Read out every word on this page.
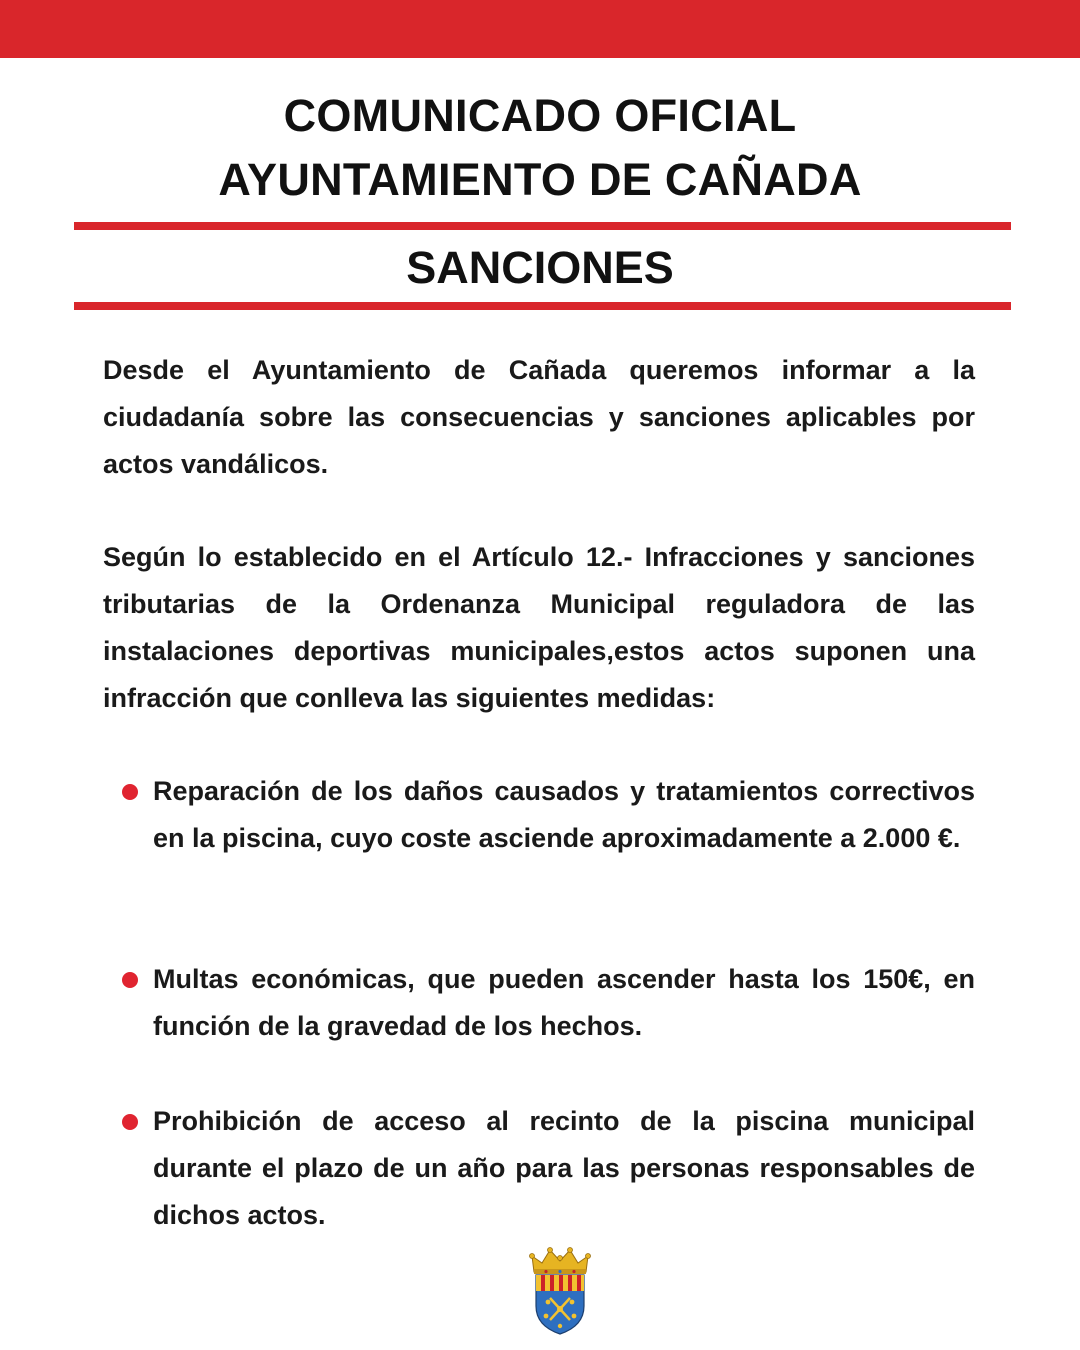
COMUNICADO OFICIAL
AYUNTAMIENTO DE CAÑADA
SANCIONES

Desde el Ayuntamiento de Cañada queremos informar a la ciudadanía sobre las consecuencias y sanciones aplicables por actos vandálicos.

Según lo establecido en el Artículo 12.- Infracciones y sanciones tributarias de la Ordenanza Municipal reguladora de las instalaciones deportivas municipales,estos actos suponen una infracción que conlleva las siguientes medidas:

Reparación de los daños causados y tratamientos correctivos en la piscina, cuyo coste asciende aproximadamente a 2.000 €.
Multas económicas, que pueden ascender hasta los 150€, en función de la gravedad de los hechos.
Prohibición de acceso al recinto de la piscina municipal durante el plazo de un año para las personas responsables de dichos actos.
